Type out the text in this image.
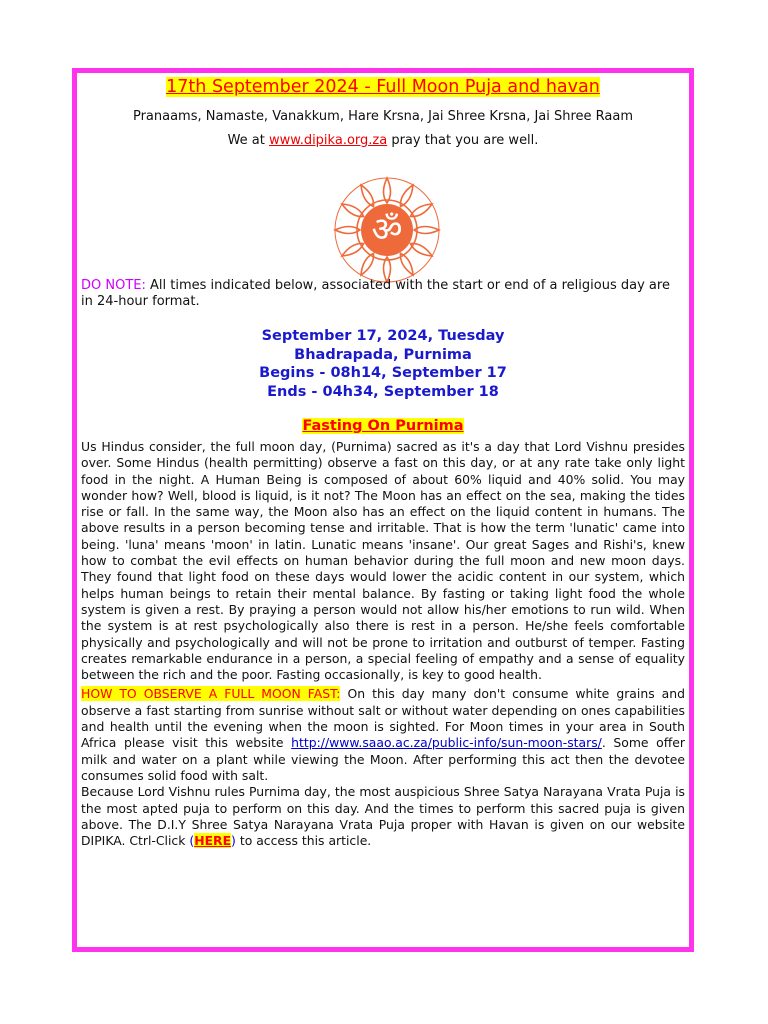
17th September 2024 - Full Moon Puja and havan
Pranaams, Namaste, Vanakkum, Hare Krsna, Jai Shree Krsna, Jai Shree Raam
We at www.dipika.org.za pray that you are well.
ॐ
DO NOTE: All times indicated below, associated with the start or end of a religious day are in 24-hour format.
September 17, 2024, Tuesday
Bhadrapada, Purnima
Begins - 08h14, September 17
Ends - 04h34, September 18
Fasting On Purnima

Us Hindus consider, the full moon day, (Purnima) sacred as it's a day that Lord Vishnu presides over. Some Hindus (health permitting) observe a fast on this day, or at any rate take only light food in the night. A Human Being is composed of about 60% liquid and 40% solid. You may wonder how? Well, blood is liquid, is it not? The Moon has an effect on the sea, making the tides rise or fall. In the same way, the Moon also has an effect on the liquid content in humans. The above results in a person becoming tense and irritable. That is how the term 'lunatic' came into being. 'luna' means 'moon' in latin. Lunatic means 'insane'. Our great Sages and Rishi's, knew how to combat the evil effects on human behavior during the full moon and new moon days. They found that light food on these days would lower the acidic content in our system, which helps human beings to retain their mental balance. By fasting or taking light food the whole system is given a rest. By praying a person would not allow his/her emotions to run wild. When the system is at rest psychologically also there is rest in a person. He/she feels comfortable physically and psychologically and will not be prone to irritation and outburst of temper. Fasting creates remarkable endurance in a person, a special feeling of empathy and a sense of equality between the rich and the poor. Fasting occasionally, is key to good health.

HOW TO OBSERVE A FULL MOON FAST: On this day many don't consume white grains and observe a fast starting from sunrise without salt or without water depending on ones capabilities and health until the evening when the moon is sighted. For Moon times in your area in South Africa please visit this website http://www.saao.ac.za/public-info/sun-moon-stars/. Some offer milk and water on a plant while viewing the Moon. After performing this act then the devotee consumes solid food with salt.

Because Lord Vishnu rules Purnima day, the most auspicious Shree Satya Narayana Vrata Puja is the most apted puja to perform on this day. And the times to perform this sacred puja is given above. The D.I.Y Shree Satya Narayana Vrata Puja proper with Havan is given on our website DIPIKA. Ctrl-Click (HERE) to access this article.
